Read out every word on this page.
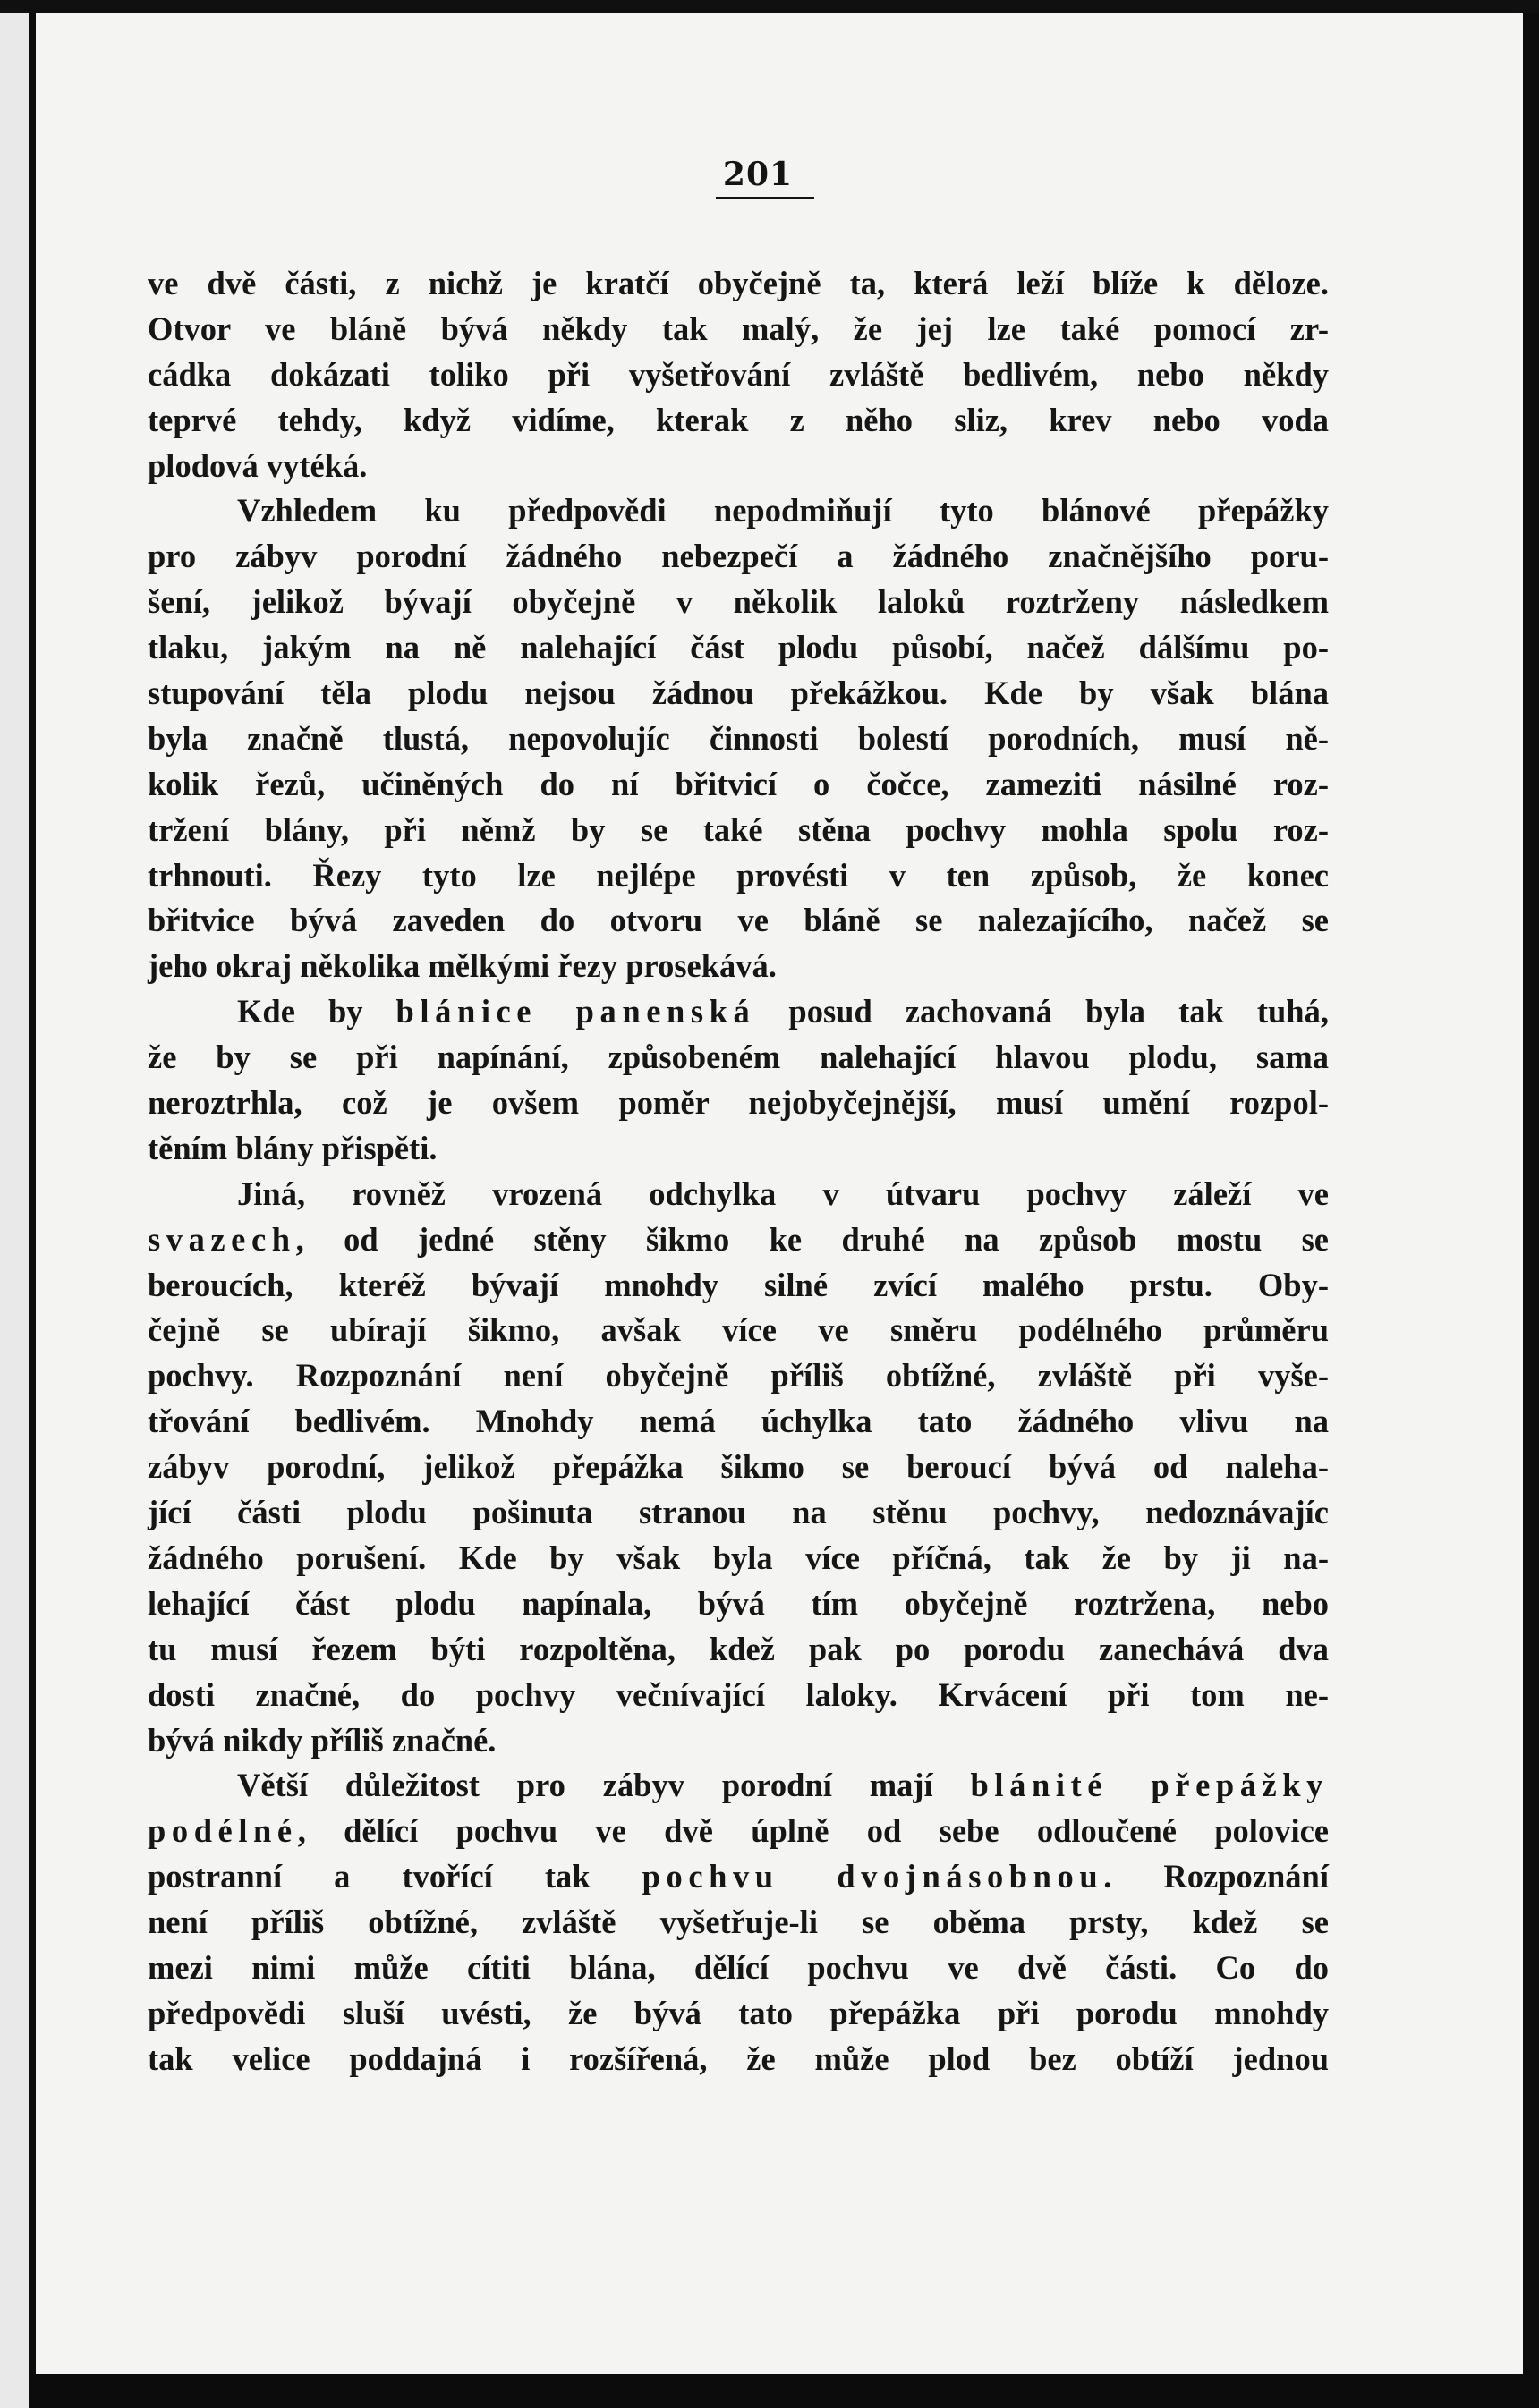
201
ve dvě části, z nichž je kratčí obyčejně ta, která leží blíže k děloze.
Otvor ve bláně bývá někdy tak malý, že jej lze také pomocí zr-
cádka dokázati toliko při vyšetřování zvláště bedlivém, nebo někdy
teprvé tehdy, když vidíme, kterak z něho sliz, krev nebo voda
plodová vytéká.
Vzhledem ku předpovědi nepodmiňují tyto blánové přepážky
pro zábyv porodní žádného nebezpečí a žádného značnějšího poru-
šení, jelikož bývají obyčejně v několik laloků roztrženy následkem
tlaku, jakým na ně nalehající část plodu působí, načež dálšímu po-
stupování těla plodu nejsou žádnou překážkou. Kde by však blána
byla značně tlustá, nepovolujíc činnosti bolestí porodních, musí ně-
kolik řezů, učiněných do ní břitvicí o čočce, zameziti násilné roz-
tržení blány, při němž by se také stěna pochvy mohla spolu roz-
trhnouti. Řezy tyto lze nejlépe provésti v ten způsob, že konec
břitvice bývá zaveden do otvoru ve bláně se nalezajícího, načež se
jeho okraj několika mělkými řezy prosekává.
Kde by blánice panenská posud zachovaná byla tak tuhá,
že by se při napínání, způsobeném nalehající hlavou plodu, sama
neroztrhla, což je ovšem poměr nejobyčejnější, musí umění rozpol-
těním blány přispěti.
Jiná, rovněž vrozená odchylka v útvaru pochvy záleží ve
svazech, od jedné stěny šikmo ke druhé na způsob mostu se
beroucích, kteréž bývají mnohdy silné zvící malého prstu. Oby-
čejně se ubírají šikmo, avšak více ve směru podélného průměru
pochvy. Rozpoznání není obyčejně příliš obtížné, zvláště při vyše-
třování bedlivém. Mnohdy nemá úchylka tato žádného vlivu na
zábyv porodní, jelikož přepážka šikmo se beroucí bývá od naleha-
jící části plodu pošinuta stranou na stěnu pochvy, nedoznávajíc
žádného porušení. Kde by však byla více příčná, tak že by ji na-
lehající část plodu napínala, bývá tím obyčejně roztržena, nebo
tu musí řezem býti rozpoltěna, kdež pak po porodu zanechává dva
dosti značné, do pochvy večnívající laloky. Krvácení při tom ne-
bývá nikdy příliš značné.
Větší důležitost pro zábyv porodní mají blánité přepážky
podélné, dělící pochvu ve dvě úplně od sebe odloučené polovice
postranní a tvořící tak pochvu dvojnásobnou. Rozpoznání
není příliš obtížné, zvláště vyšetřuje-li se oběma prsty, kdež se
mezi nimi může cítiti blána, dělící pochvu ve dvě části. Co do
předpovědi sluší uvésti, že bývá tato přepážka při porodu mnohdy
tak velice poddajná i rozšířená, že může plod bez obtíží jednou
